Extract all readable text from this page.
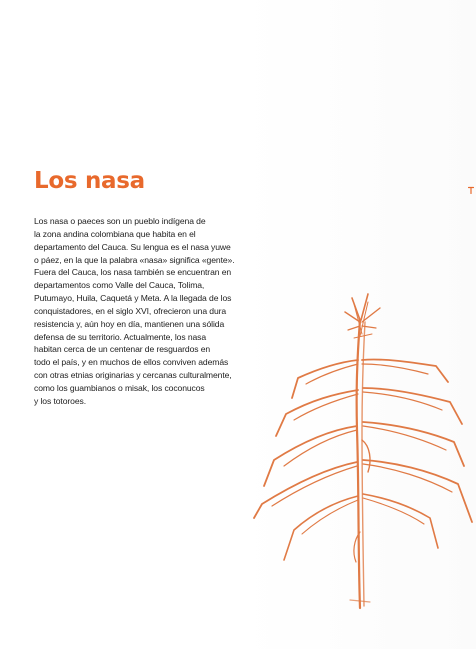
Los nasa

Los nasa o paeces son un pueblo indígena de
la zona andina colombiana que habita en el
departamento del Cauca. Su lengua es el nasa yuwe
o páez, en la que la palabra «nasa» significa «gente».
Fuera del Cauca, los nasa también se encuentran en
departamentos como Valle del Cauca, Tolima,
Putumayo, Huila, Caquetá y Meta. A la llegada de los
conquistadores, en el siglo XVI, ofrecieron una dura
resistencia y, aún hoy en día, mantienen una sólida
defensa de su territorio. Actualmente, los nasa
habitan cerca de un centenar de resguardos en
todo el país, y en muchos de ellos conviven además
con otras etnias originarias y cercanas culturalmente,
como los guambianos o misak, los coconucos
y los totoroes.
